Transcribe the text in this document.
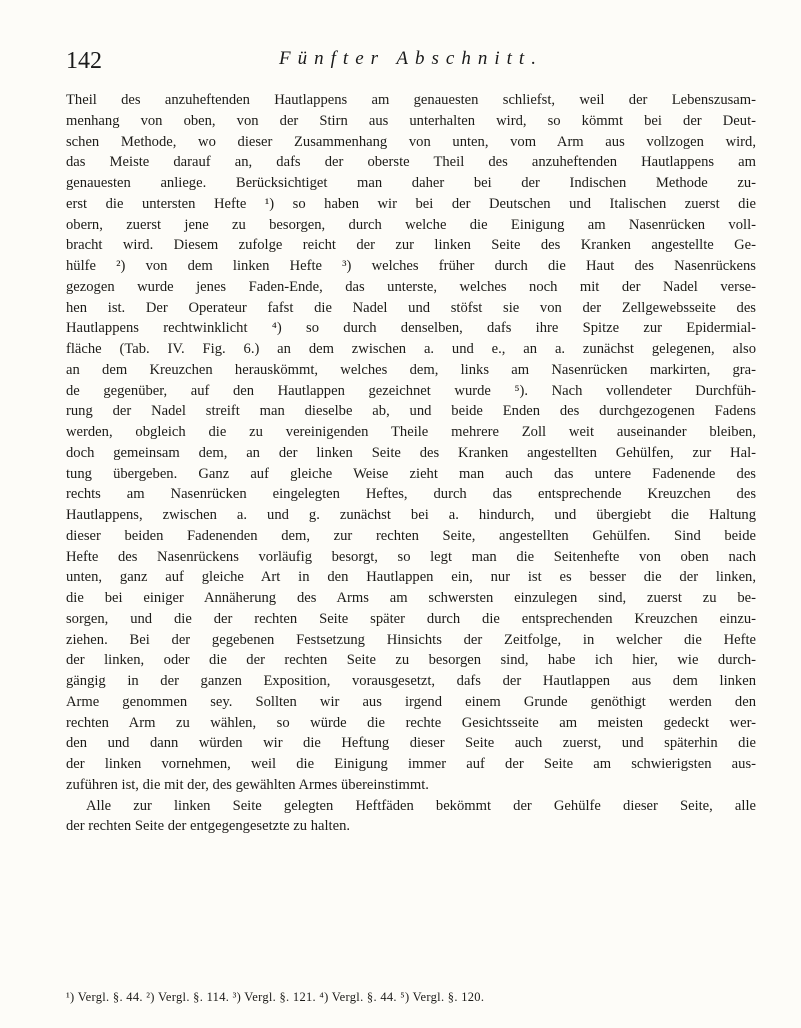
142	Fünfter Abschnitt.
Theil des anzuheftenden Hautlappens am genauesten schliefst, weil der Lebenszusam-
menhang von oben, von der Stirn aus unterhalten wird, so kömmt bei der Deut-
schen Methode, wo dieser Zusammenhang von unten, vom Arm aus vollzogen wird,
das Meiste darauf an, dafs der oberste Theil des anzuheftenden Hautlappens am
genauesten anliege. Berücksichtiget man daher bei der Indischen Methode zu-
erst die untersten Hefte ¹) so haben wir bei der Deutschen und Italischen zuerst die
obern, zuerst jene zu besorgen, durch welche die Einigung am Nasenrücken voll-
bracht wird. Diesem zufolge reicht der zur linken Seite des Kranken angestellte Ge-
hülfe ²) von dem linken Hefte ³) welches früher durch die Haut des Nasenrückens
gezogen wurde jenes Faden-Ende, das unterste, welches noch mit der Nadel verse-
hen ist. Der Operateur fafst die Nadel und stöfst sie von der Zellgewebsseite des
Hautlappens rechtwinklicht ⁴) so durch denselben, dafs ihre Spitze zur Epidermial-
fläche (Tab. IV. Fig. 6.) an dem zwischen a. und e., an a. zunächst gelegenen, also
an dem Kreuzchen herauskömmt, welches dem, links am Nasenrücken markirten, gra-
de gegenüber, auf den Hautlappen gezeichnet wurde ⁵). Nach vollendeter Durchfüh-
rung der Nadel streift man dieselbe ab, und beide Enden des durchgezogenen Fadens
werden, obgleich die zu vereinigenden Theile mehrere Zoll weit auseinander bleiben,
doch gemeinsam dem, an der linken Seite des Kranken angestellten Gehülfen, zur Hal-
tung übergeben. Ganz auf gleiche Weise zieht man auch das untere Fadenende des
rechts am Nasenrücken eingelegten Heftes, durch das entsprechende Kreuzchen des
Hautlappens, zwischen a. und g. zunächst bei a. hindurch, und übergiebt die Haltung
dieser beiden Fadenenden dem, zur rechten Seite, angestellten Gehülfen. Sind beide
Hefte des Nasenrückens vorläufig besorgt, so legt man die Seitenhefte von oben nach
unten, ganz auf gleiche Art in den Hautlappen ein, nur ist es besser die der linken,
die bei einiger Annäherung des Arms am schwersten einzulegen sind, zuerst zu be-
sorgen, und die der rechten Seite später durch die entsprechenden Kreuzchen einzu-
ziehen. Bei der gegebenen Festsetzung Hinsichts der Zeitfolge, in welcher die Hefte
der linken, oder die der rechten Seite zu besorgen sind, habe ich hier, wie durch-
gängig in der ganzen Exposition, vorausgesetzt, dafs der Hautlappen aus dem linken
Arme genommen sey. Sollten wir aus irgend einem Grunde genöthigt werden den
rechten Arm zu wählen, so würde die rechte Gesichtsseite am meisten gedeckt wer-
den und dann würden wir die Heftung dieser Seite auch zuerst, und späterhin die
der linken vornehmen, weil die Einigung immer auf der Seite am schwierigsten aus-
zuführen ist, die mit der, des gewählten Armes übereinstimmt.
Alle zur linken Seite gelegten Heftfäden bekömmt der Gehülfe dieser Seite, alle
der rechten Seite der entgegengesetzte zu halten.
¹) Vergl. §. 44. ²) Vergl. §. 114. ³) Vergl. §. 121. ⁴) Vergl. §. 44. ⁵) Vergl. §. 120.
